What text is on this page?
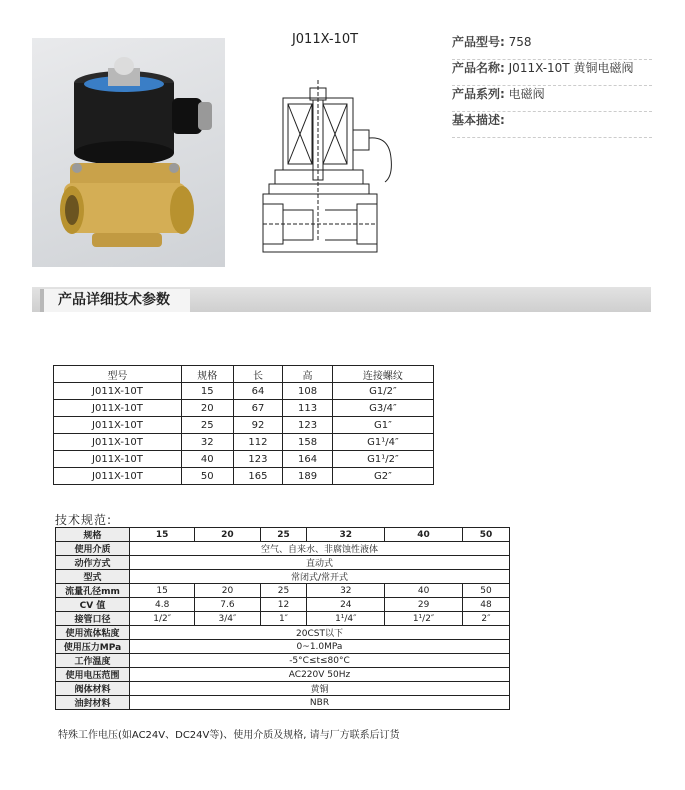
J011X-10T	产品型号: 758
产品名称: J011X-10T 黄铜电磁阀
产品系列: 电磁阀
基本描述:
产品详细技术参数
型号	规格	长	高	连接螺纹
J011X-10T	15	64	108	G1/2″
J011X-10T	20	67	113	G3/4″
J011X-10T	25	92	123	G1″
J011X-10T	32	112	158	G1¹/4″
J011X-10T	40	123	164	G1¹/2″
J011X-10T	50	165	189	G2″
技术规范:
规格	15	20	25	32	40	50
使用介质	空气、自来水、非腐蚀性液体					
动作方式	直动式					
型式	常闭式/常开式					
流量孔径mm	15	20	25	32	40	50
CV 值	4.8	7.6	12	24	29	48
接管口径	1/2″	3/4″	1″	1¹/4″	1¹/2″	2″
使用流体粘度	20CST以下					
使用压力MPa	0~1.0MPa					
工作温度	-5°C≤t≤80°C					
使用电压范围	AC220V 50Hz					
阀体材料	黄铜					
油封材料	NBR					
特殊工作电压(如AC24V、DC24V等)、使用介质及规格, 请与厂方联系后订货
